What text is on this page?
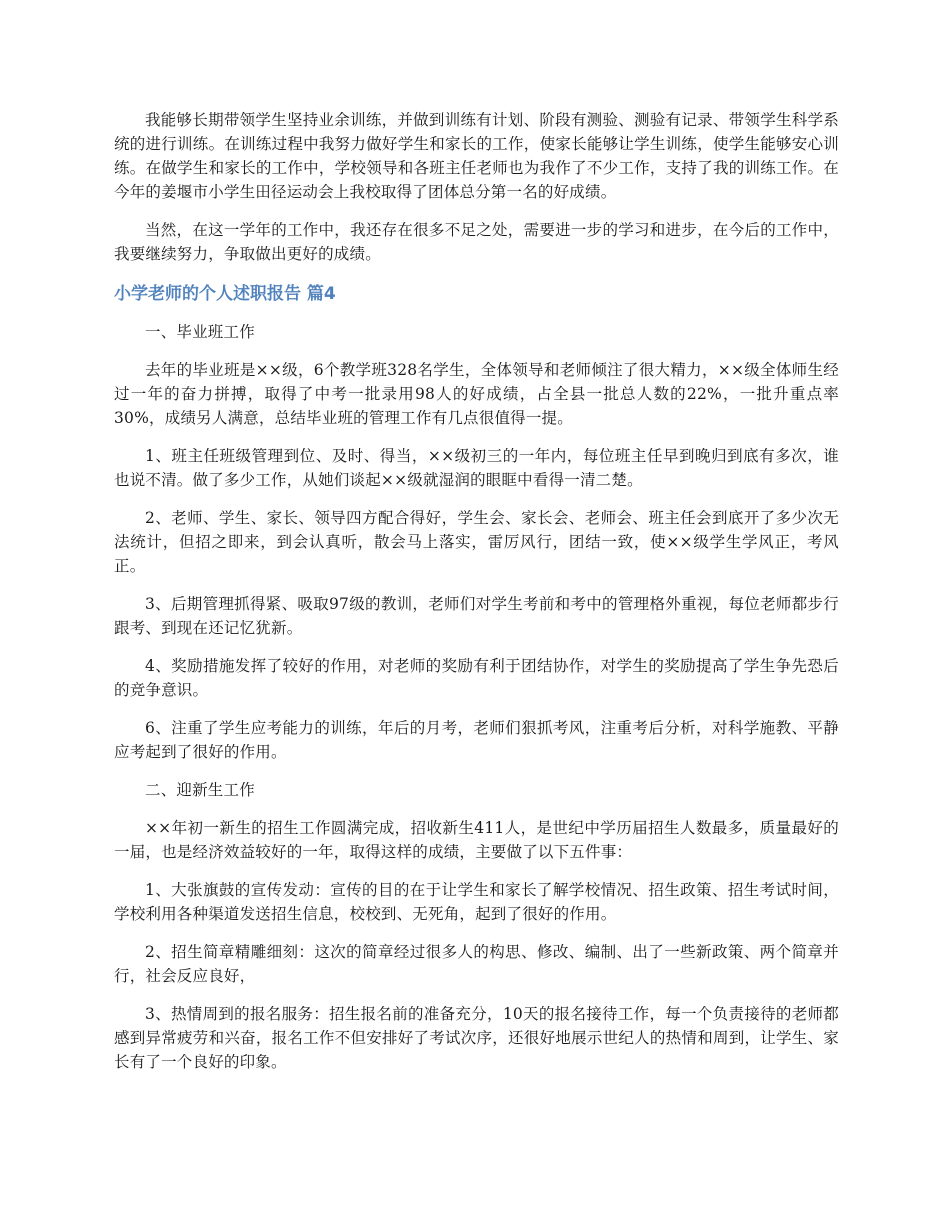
我能够长期带领学生坚持业余训练，并做到训练有计划、阶段有测验、测验有记录、带领学生科学系统的进行训练。在训练过程中我努力做好学生和家长的工作，使家长能够让学生训练，使学生能够安心训练。在做学生和家长的工作中，学校领导和各班主任老师也为我作了不少工作，支持了我的训练工作。在今年的姜堰市小学生田径运动会上我校取得了团体总分第一名的好成绩。

当然，在这一学年的工作中，我还存在很多不足之处，需要进一步的学习和进步，在今后的工作中，我要继续努力，争取做出更好的成绩。

小学老师的个人述职报告 篇4

一、毕业班工作

去年的毕业班是××级，6个教学班328名学生，全体领导和老师倾注了很大精力，××级全体师生经过一年的奋力拼搏，取得了中考一批录用98人的好成绩，占全县一批总人数的22%，一批升重点率30%，成绩另人满意，总结毕业班的管理工作有几点很值得一提。

1、班主任班级管理到位、及时、得当，××级初三的一年内，每位班主任早到晚归到底有多次，谁也说不清。做了多少工作，从她们谈起××级就湿润的眼眶中看得一清二楚。

2、老师、学生、家长、领导四方配合得好，学生会、家长会、老师会、班主任会到底开了多少次无法统计，但招之即来，到会认真听，散会马上落实，雷厉风行，团结一致，使××级学生学风正，考风正。

3、后期管理抓得紧、吸取97级的教训，老师们对学生考前和考中的管理格外重视，每位老师都步行跟考、到现在还记忆犹新。

4、奖励措施发挥了较好的作用，对老师的奖励有利于团结协作，对学生的奖励提高了学生争先恐后的竞争意识。

6、注重了学生应考能力的训练，年后的月考，老师们狠抓考风，注重考后分析，对科学施教、平静应考起到了很好的作用。

二、迎新生工作

××年初一新生的招生工作圆满完成，招收新生411人，是世纪中学历届招生人数最多，质量最好的一届，也是经济效益较好的一年，取得这样的成绩，主要做了以下五件事：

1、大张旗鼓的宣传发动：宣传的目的在于让学生和家长了解学校情况、招生政策、招生考试时间，学校利用各种渠道发送招生信息，校校到、无死角，起到了很好的作用。

2、招生简章精雕细刻：这次的简章经过很多人的构思、修改、编制、出了一些新政策、两个简章并行，社会反应良好，

3、热情周到的报名服务：招生报名前的准备充分，10天的报名接待工作，每一个负责接待的老师都感到异常疲劳和兴奋，报名工作不但安排好了考试次序，还很好地展示世纪人的热情和周到，让学生、家长有了一个良好的印象。
